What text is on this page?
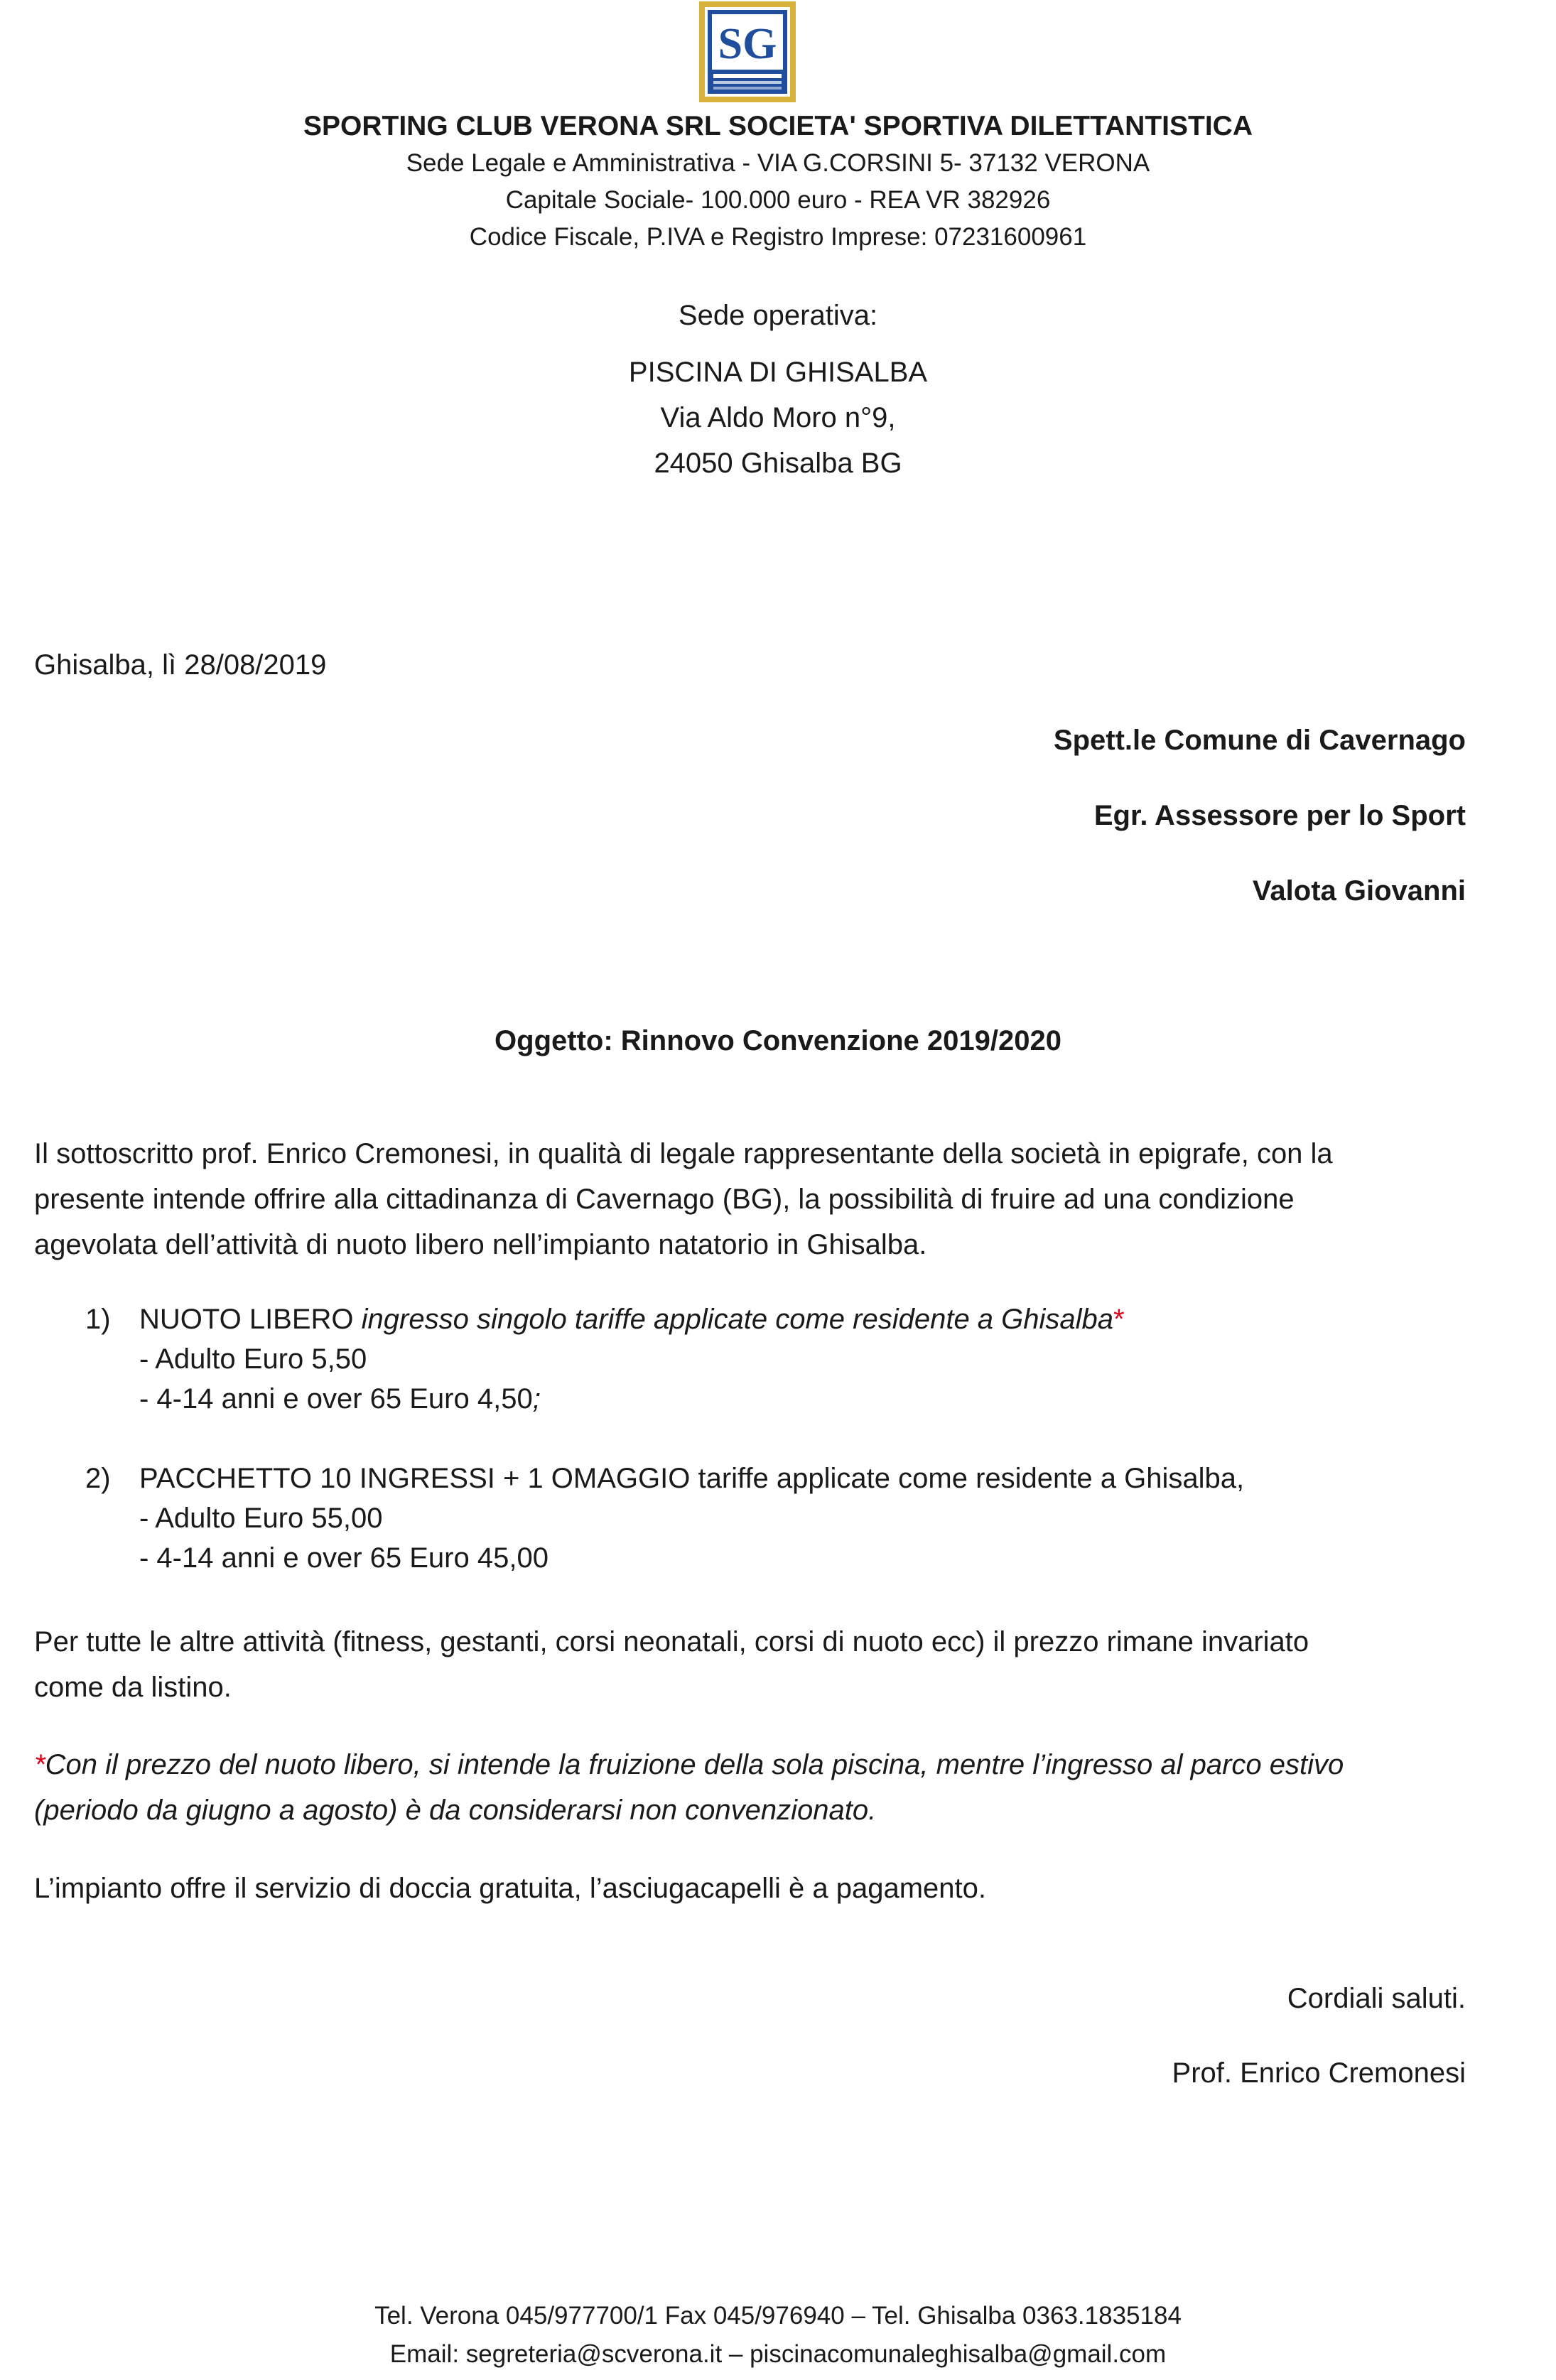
SG
SPORTING CLUB VERONA SRL SOCIETA' SPORTIVA DILETTANTISTICA
Sede Legale e Amministrativa - VIA G.CORSINI 5- 37132 VERONA
Capitale Sociale- 100.000 euro - REA VR 382926
Codice Fiscale, P.IVA e Registro Imprese: 07231600961
Sede operativa:
PISCINA DI GHISALBA
Via Aldo Moro n°9,
24050 Ghisalba BG
Ghisalba, lì 28/08/2019
Spett.le Comune di Cavernago
Egr. Assessore per lo Sport
Valota Giovanni
Oggetto: Rinnovo Convenzione 2019/2020
Il sottoscritto prof. Enrico Cremonesi, in qualità di legale rappresentante della società in epigrafe, con la
presente intende offrire alla cittadinanza di Cavernago (BG), la possibilità di fruire ad una condizione
agevolata dell’attività di nuoto libero nell’impianto natatorio in Ghisalba.
1) NUOTO LIBERO ingresso singolo tariffe applicate come residente a Ghisalba*
- Adulto Euro 5,50
- 4-14 anni e over 65 Euro 4,50;
2) PACCHETTO 10 INGRESSI + 1 OMAGGIO tariffe applicate come residente a Ghisalba,
- Adulto Euro 55,00
- 4-14 anni e over 65 Euro 45,00
Per tutte le altre attività (fitness, gestanti, corsi neonatali, corsi di nuoto ecc) il prezzo rimane invariato
come da listino.
*Con il prezzo del nuoto libero, si intende la fruizione della sola piscina, mentre l’ingresso al parco estivo
(periodo da giugno a agosto) è da considerarsi non convenzionato.
L’impianto offre il servizio di doccia gratuita, l’asciugacapelli è a pagamento.
Cordiali saluti.
Prof. Enrico Cremonesi
Tel. Verona 045/977700/1 Fax 045/976940 – Tel. Ghisalba 0363.1835184
Email: segreteria@scverona.it – piscinacomunaleghisalba@gmail.com
